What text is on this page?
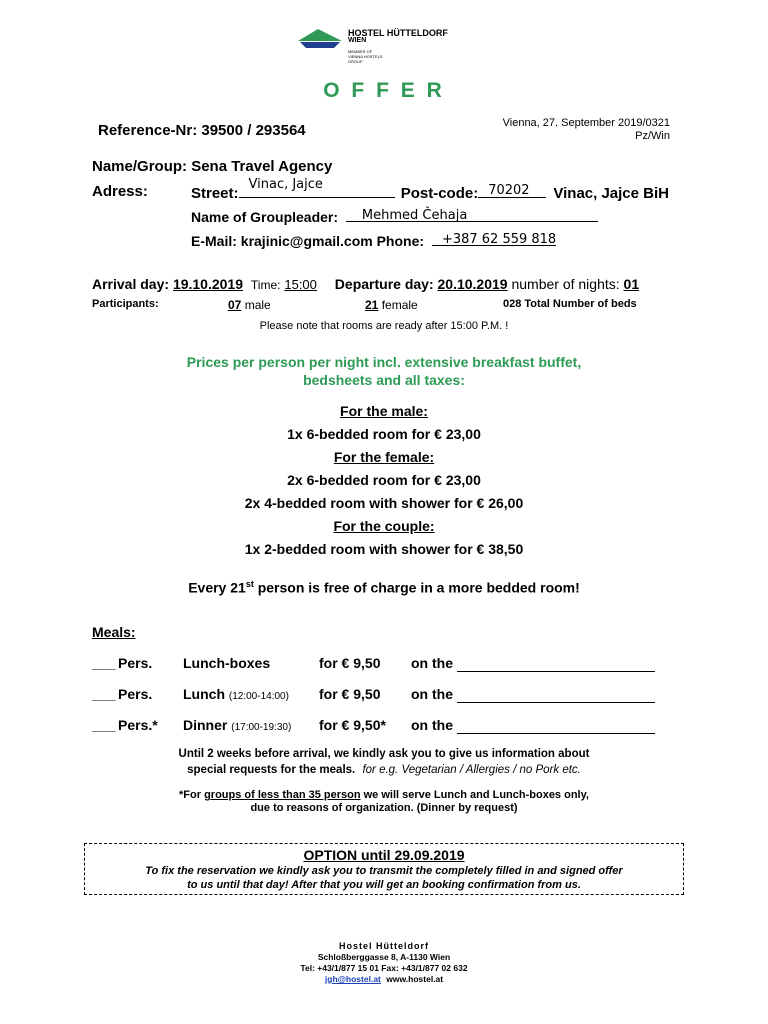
HOSTEL HÜTTELDORF
WIEN
MEMBER OF
VIENNA HOSTELS
GROUP
O F F E R
Reference-Nr: 39500 / 293564	Vienna, 27. September 2019/0321
Pz/Win
Name/Group: Sena Travel Agency
Adress:	Street:
Vinac, Jajce
Post-code: 70202 Vinac, Jajce BiH
Name of Groupleader: Mehmed Čehaja
E-Mail: krajinic@gmail.com Phone: +387 62 559 818
Arrival day: 19.10.2019 Time: 15:00 Departure day: 20.10.2019 number of nights: 01
Participants:	07 male	21 female	028 Total Number of beds
Please note that rooms are ready after 15:00 P.M. !
Prices per person per night incl. extensive breakfast buffet,
bedsheets and all taxes:
For the male:
1x 6-bedded room for € 23,00
For the female:
2x 6-bedded room for € 23,00
2x 4-bedded room with shower for € 26,00
For the couple:
1x 2-bedded room with shower for € 38,50
Every 21st person is free of charge in a more bedded room!
Meals:
___ Pers. Lunch-boxes	for € 9,50 on the
___ Pers. Lunch (12:00-14:00) for € 9,50 on the
___ Pers.* Dinner (17:00-19:30) for € 9,50* on the
Until 2 weeks before arrival, we kindly ask you to give us information about
special requests for the meals. for e.g. Vegetarian / Allergies / no Pork etc.
*For groups of less than 35 person we will serve Lunch and Lunch-boxes only,
due to reasons of organization. (Dinner by request)
OPTION until 29.09.2019
To fix the reservation we kindly ask you to transmit the completely filled in and signed offer
to us until that day! After that you will get an booking confirmation from us.
Hostel Hütteldorf
Schloßberggasse 8, A-1130 Wien
Tel: +43/1/877 15 01 Fax: +43/1/877 02 632
jgh@hostel.at www.hostel.at
